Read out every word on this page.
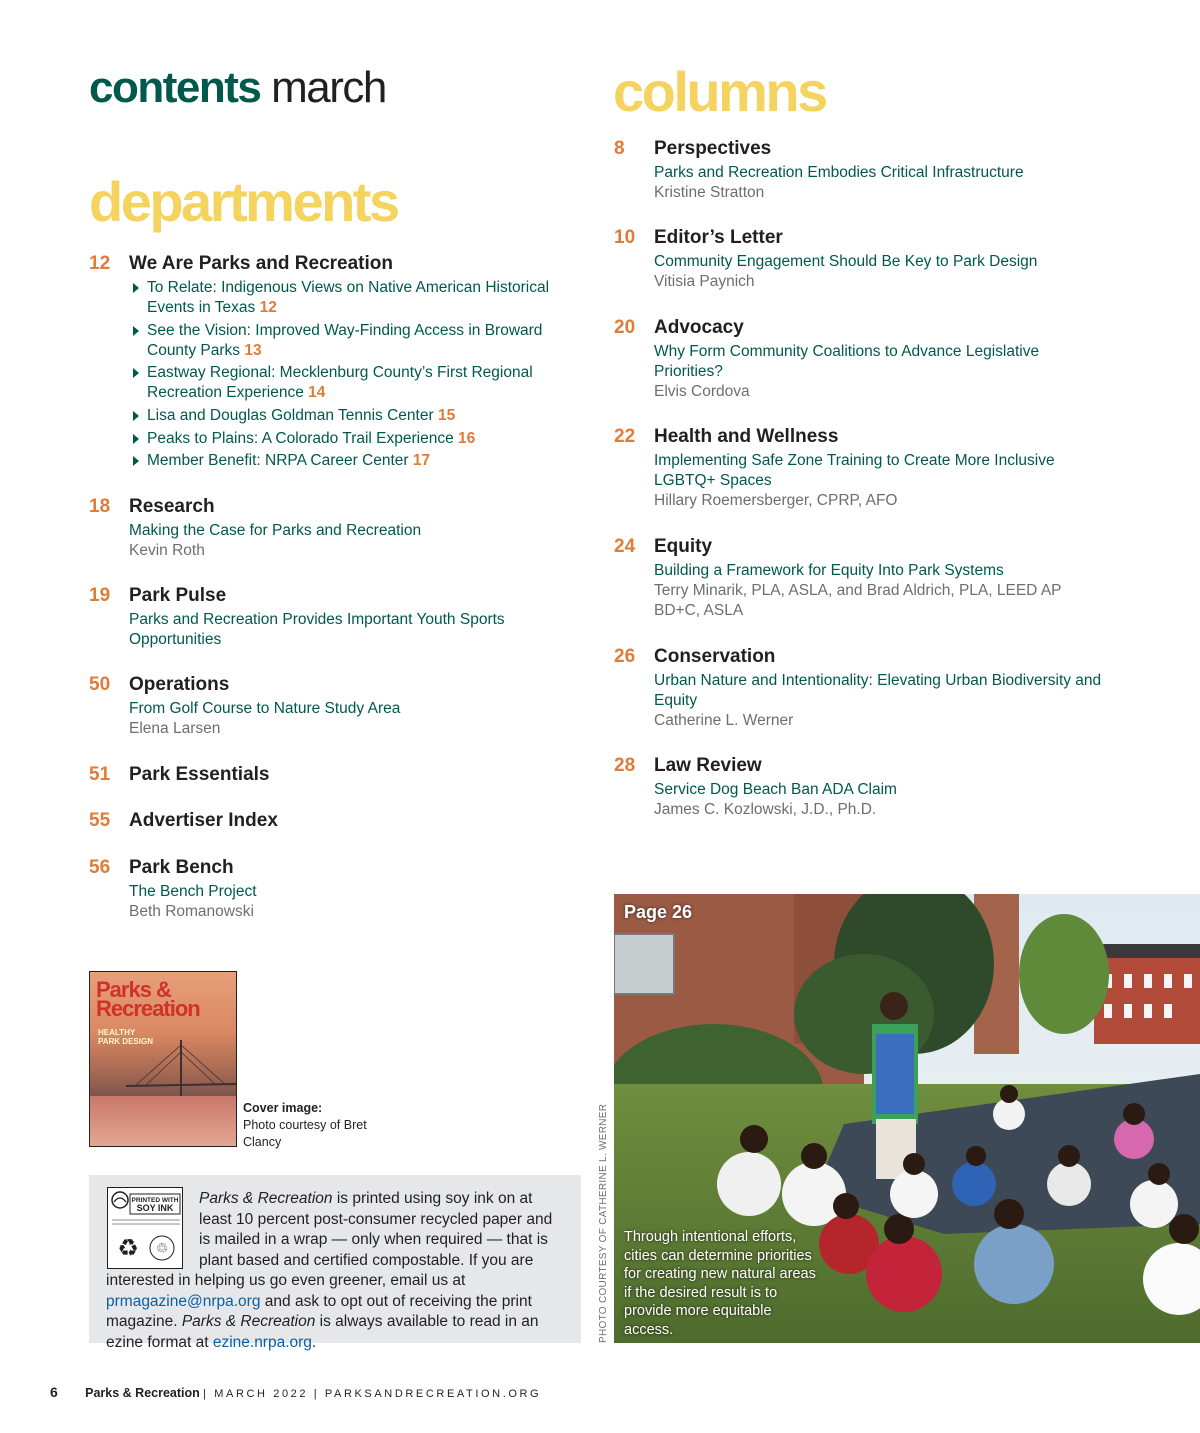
contents march
departments
columns
12 We Are Parks and Recreation
To Relate: Indigenous Views on Native American Historical Events in Texas 12
See the Vision: Improved Way-Finding Access in Broward County Parks 13
Eastway Regional: Mecklenburg County’s First Regional Recreation Experience 14
Lisa and Douglas Goldman Tennis Center 15
Peaks to Plains: A Colorado Trail Experience 16
Member Benefit: NRPA Career Center 17
18 Research
Making the Case for Parks and Recreation
Kevin Roth
19 Park Pulse
Parks and Recreation Provides Important Youth Sports Opportunities
50 Operations
From Golf Course to Nature Study Area
Elena Larsen
51 Park Essentials
55 Advertiser Index
56 Park Bench
The Bench Project
Beth Romanowski
8 Perspectives
Parks and Recreation Embodies Critical Infrastructure
Kristine Stratton
10 Editor’s Letter
Community Engagement Should Be Key to Park Design
Vitisia Paynich
20 Advocacy
Why Form Community Coalitions to Advance Legislative Priorities?
Elvis Cordova
22 Health and Wellness
Implementing Safe Zone Training to Create More Inclusive LGBTQ+ Spaces
Hillary Roemersberger, CPRP, AFO
24 Equity
Building a Framework for Equity Into Park Systems
Terry Minarik, PLA, ASLA, and Brad Aldrich, PLA, LEED AP BD+C, ASLA
26 Conservation
Urban Nature and Intentionality: Elevating Urban Biodiversity and Equity
Catherine L. Werner
28 Law Review
Service Dog Beach Ban ADA Claim
James C. Kozlowski, J.D., Ph.D.
Parks &
Recreation
HEALTHY PARK DESIGN
Cover image:
Photo courtesy of Bret Clancy
PRINTED WITH
SOY INK
♻ ♲
Parks & Recreation is printed using soy ink on at least 10 percent post-consumer recycled paper and is mailed in a wrap — only when required — that is plant based and certified compostable. If you are interested in helping us go even greener, email us at prmagazine@nrpa.org and ask to opt out of receiving the print magazine. Parks & Recreation is always available to read in an ezine format at ezine.nrpa.org.	PHOTO COURTESY OF CATHERINE L. WERNER
Page 26
Through intentional efforts, cities can determine priorities for creating new natural areas if the desired result is to provide more equitable access.
6 Parks & Recreation | MARCH 2022 | PARKSANDRECREATION.ORG
